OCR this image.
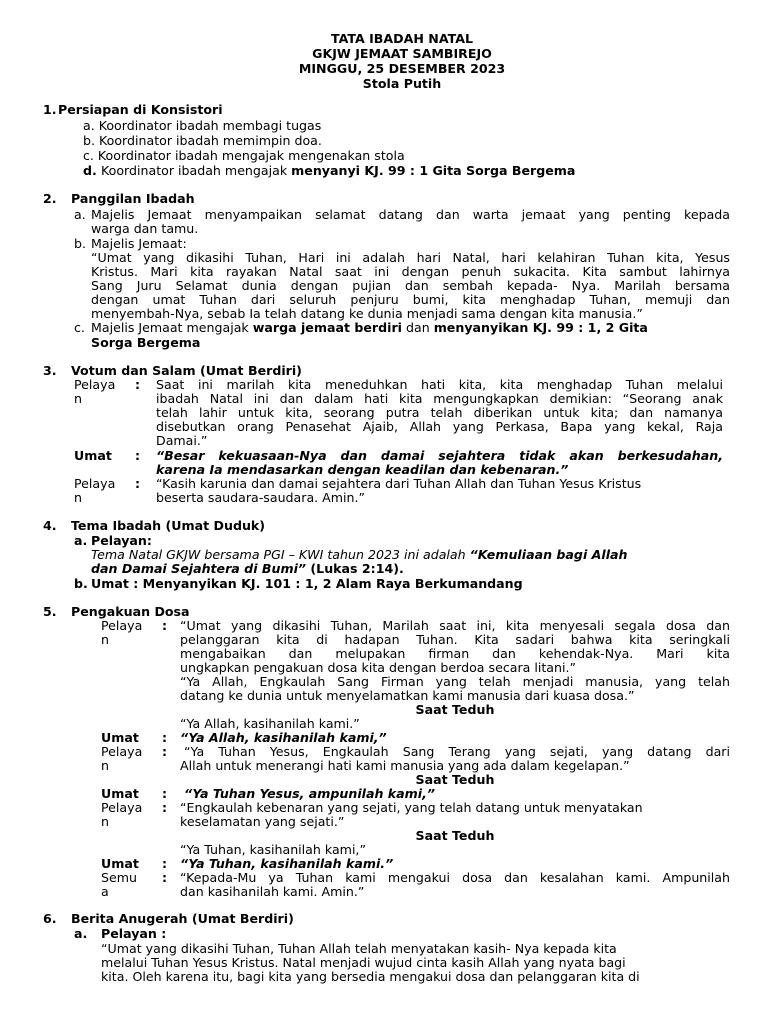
TATA IBADAH NATAL
GKJW JEMAAT SAMBIREJO
MINGGU, 25 DESEMBER 2023
Stola Putih
1. Persiapan di Konsistori
a. Koordinator ibadah membagi tugas
b. Koordinator ibadah memimpin doa.
c. Koordinator ibadah mengajak mengenakan stola
d. Koordinator ibadah mengajak menyanyi KJ. 99 : 1 Gita Sorga Bergema
2. Panggilan Ibadah
a. Majelis Jemaat menyampaikan selamat datang dan warta jemaat yang penting kepada
warga dan tamu.
b. Majelis Jemaat:
“Umat yang dikasihi Tuhan, Hari ini adalah hari Natal, hari kelahiran Tuhan kita, Yesus
Kristus. Mari kita rayakan Natal saat ini dengan penuh sukacita. Kita sambut lahirnya
Sang Juru Selamat dunia dengan pujian dan sembah kepada- Nya. Marilah bersama
dengan umat Tuhan dari seluruh penjuru bumi, kita menghadap Tuhan, memuji dan
menyembah-Nya, sebab Ia telah datang ke dunia menjadi sama dengan kita manusia.”
c. Majelis Jemaat mengajak warga jemaat berdiri dan menyanyikan KJ. 99 : 1, 2 Gita
Sorga Bergema
3. Votum dan Salam (Umat Berdiri)
Pelaya
n
: Saat ini marilah kita meneduhkan hati kita, kita menghadap Tuhan melalui
ibadah Natal ini dan dalam hati kita mengungkapkan demikian: “Seorang anak
telah lahir untuk kita, seorang putra telah diberikan untuk kita; dan namanya
disebutkan orang Penasehat Ajaib, Allah yang Perkasa, Bapa yang kekal, Raja
Damai.”
Umat : “Besar kekuasaan-Nya dan damai sejahtera tidak akan berkesudahan,
karena Ia mendasarkan dengan keadilan dan kebenaran.”
Pelaya
n
: “Kasih karunia dan damai sejahtera dari Tuhan Allah dan Tuhan Yesus Kristus
beserta saudara-saudara. Amin.”
4. Tema Ibadah (Umat Duduk)
a. Pelayan:
Tema Natal GKJW bersama PGI – KWI tahun 2023 ini adalah “Kemuliaan bagi Allah
dan Damai Sejahtera di Bumi” (Lukas 2:14).
b. Umat : Menyanyikan KJ. 101 : 1, 2 Alam Raya Berkumandang
5. Pengakuan Dosa
Pelaya
n
: “Umat yang dikasihi Tuhan, Marilah saat ini, kita menyesali segala dosa dan
pelanggaran kita di hadapan Tuhan. Kita sadari bahwa kita seringkali
mengabaikan dan melupakan firman dan kehendak-Nya. Mari kita
ungkapkan pengakuan dosa kita dengan berdoa secara litani.”
“Ya Allah, Engkaulah Sang Firman yang telah menjadi manusia, yang telah
datang ke dunia untuk menyelamatkan kami manusia dari kuasa dosa.”
Saat Teduh
“Ya Allah, kasihanilah kami.”
Umat : “Ya Allah, kasihanilah kami,”
Pelaya
n
: “Ya Tuhan Yesus, Engkaulah Sang Terang yang sejati, yang datang dari
Allah untuk menerangi hati kami manusia yang ada dalam kegelapan.”
Saat Teduh
Umat : “Ya Tuhan Yesus, ampunilah kami,”
Pelaya
n
: “Engkaulah kebenaran yang sejati, yang telah datang untuk menyatakan
keselamatan yang sejati.”
Saat Teduh
“Ya Tuhan, kasihanilah kami,”
Umat : “Ya Tuhan, kasihanilah kami.”
Semu
a
: “Kepada-Mu ya Tuhan kami mengakui dosa dan kesalahan kami. Ampunilah
dan kasihanilah kami. Amin.”
6. Berita Anugerah (Umat Berdiri)
a. Pelayan :
“Umat yang dikasihi Tuhan, Tuhan Allah telah menyatakan kasih- Nya kepada kita
melalui Tuhan Yesus Kristus. Natal menjadi wujud cinta kasih Allah yang nyata bagi
kita. Oleh karena itu, bagi kita yang bersedia mengakui dosa dan pelanggaran kita di
